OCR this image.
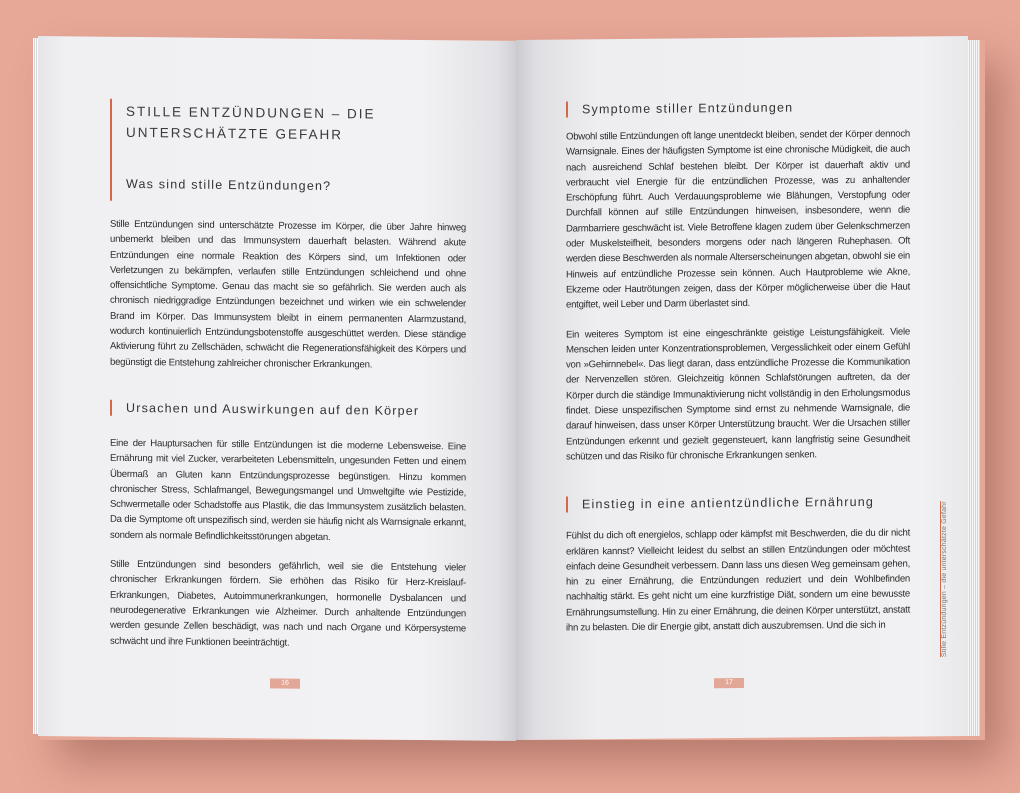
STILLE ENTZÜNDUNGEN – DIE
UNTERSCHÄTZTE GEFAHR
Was sind stille Entzündungen?

Stille Entzündungen sind unterschätzte Prozesse im Körper, die über Jahre hinweg unbemerkt bleiben und das Immunsystem dauerhaft belasten. Während akute Entzündungen eine normale Reaktion des Körpers sind, um Infektionen oder Verletzungen zu bekämpfen, verlaufen stille Entzündungen schleichend und ohne offensichtliche Symptome. Genau das macht sie so gefährlich. Sie werden auch als chronisch niedriggradige Entzündungen bezeichnet und wirken wie ein schwelender Brand im Körper. Das Immunsystem bleibt in einem permanenten Alarmzustand, wodurch kontinuierlich Entzündungsbotenstoffe ausgeschüttet werden. Diese ständige Aktivierung führt zu Zellschäden, schwächt die Regenerationsfähigkeit des Körpers und begünstigt die Entstehung zahlreicher chronischer Erkrankungen.

Ursachen und Auswirkungen auf den Körper

Eine der Hauptursachen für stille Entzündungen ist die moderne Lebensweise. Eine Ernährung mit viel Zucker, verarbeiteten Lebensmitteln, ungesunden Fetten und einem Übermaß an Gluten kann Entzündungsprozesse begünstigen. Hinzu kommen chronischer Stress, Schlafmangel, Bewegungsmangel und Umweltgifte wie Pestizide, Schwermetalle oder Schadstoffe aus Plastik, die das Immunsystem zusätzlich belasten. Da die Symptome oft unspezifisch sind, werden sie häufig nicht als Warnsignale erkannt, sondern als normale Befindlichkeitsstörungen abgetan.

Stille Entzündungen sind besonders gefährlich, weil sie die Entstehung vieler chronischer Erkrankungen fördern. Sie erhöhen das Risiko für Herz-Kreislauf-Erkrankungen, Diabetes, Autoimmunerkrankungen, hormonelle Dysbalancen und neurodegenerative Erkrankungen wie Alzheimer. Durch anhaltende Entzündungen werden gesunde Zellen beschädigt, was nach und nach Organe und Körpersysteme schwächt und ihre Funktionen beeinträchtigt.

16
Symptome stiller Entzündungen

Obwohl stille Entzündungen oft lange unentdeckt bleiben, sendet der Körper dennoch Warnsignale. Eines der häufigsten Symptome ist eine chronische Müdigkeit, die auch nach ausreichend Schlaf bestehen bleibt. Der Körper ist dauerhaft aktiv und verbraucht viel Energie für die entzündlichen Prozesse, was zu anhaltender Erschöpfung führt. Auch Verdauungsprobleme wie Blähungen, Verstopfung oder Durchfall können auf stille Entzündungen hinweisen, insbesondere, wenn die Darmbarriere geschwächt ist. Viele Betroffene klagen zudem über Gelenkschmerzen oder Muskelsteifheit, besonders morgens oder nach längeren Ruhephasen. Oft werden diese Beschwerden als normale Alterserscheinungen abgetan, obwohl sie ein Hinweis auf entzündliche Prozesse sein können. Auch Hautprobleme wie Akne, Ekzeme oder Hautrötungen zeigen, dass der Körper möglicherweise über die Haut entgiftet, weil Leber und Darm überlastet sind.

Ein weiteres Symptom ist eine eingeschränkte geistige Leistungsfähigkeit. Viele Menschen leiden unter Konzentrationsproblemen, Vergesslichkeit oder einem Gefühl von »Gehirnnebel«. Das liegt daran, dass entzündliche Prozesse die Kommunikation der Nervenzellen stören. Gleichzeitig können Schlafstörungen auftreten, da der Körper durch die ständige Immunaktivierung nicht vollständig in den Erholungsmodus findet. Diese unspezifischen Symptome sind ernst zu nehmende Warnsignale, die darauf hinweisen, dass unser Körper Unterstützung braucht. Wer die Ursachen stiller Entzündungen erkennt und gezielt gegensteuert, kann langfristig seine Gesundheit schützen und das Risiko für chronische Erkrankungen senken.

Einstieg in eine antientzündliche Ernährung

Fühlst du dich oft energielos, schlapp oder kämpfst mit Beschwerden, die du dir nicht erklären kannst? Vielleicht leidest du selbst an stillen Entzündungen oder möchtest einfach deine Gesundheit verbessern. Dann lass uns diesen Weg gemeinsam gehen, hin zu einer Ernährung, die Entzündungen reduziert und dein Wohlbefinden nachhaltig stärkt. Es geht nicht um eine kurzfristige Diät, sondern um eine bewusste Ernährungsumstellung. Hin zu einer Ernährung, die deinen Körper unterstützt, anstatt ihn zu belasten. Die dir Energie gibt, anstatt dich auszubremsen. Und die sich in	Stille Entzündungen – die unterschätzte Gefahr
17
